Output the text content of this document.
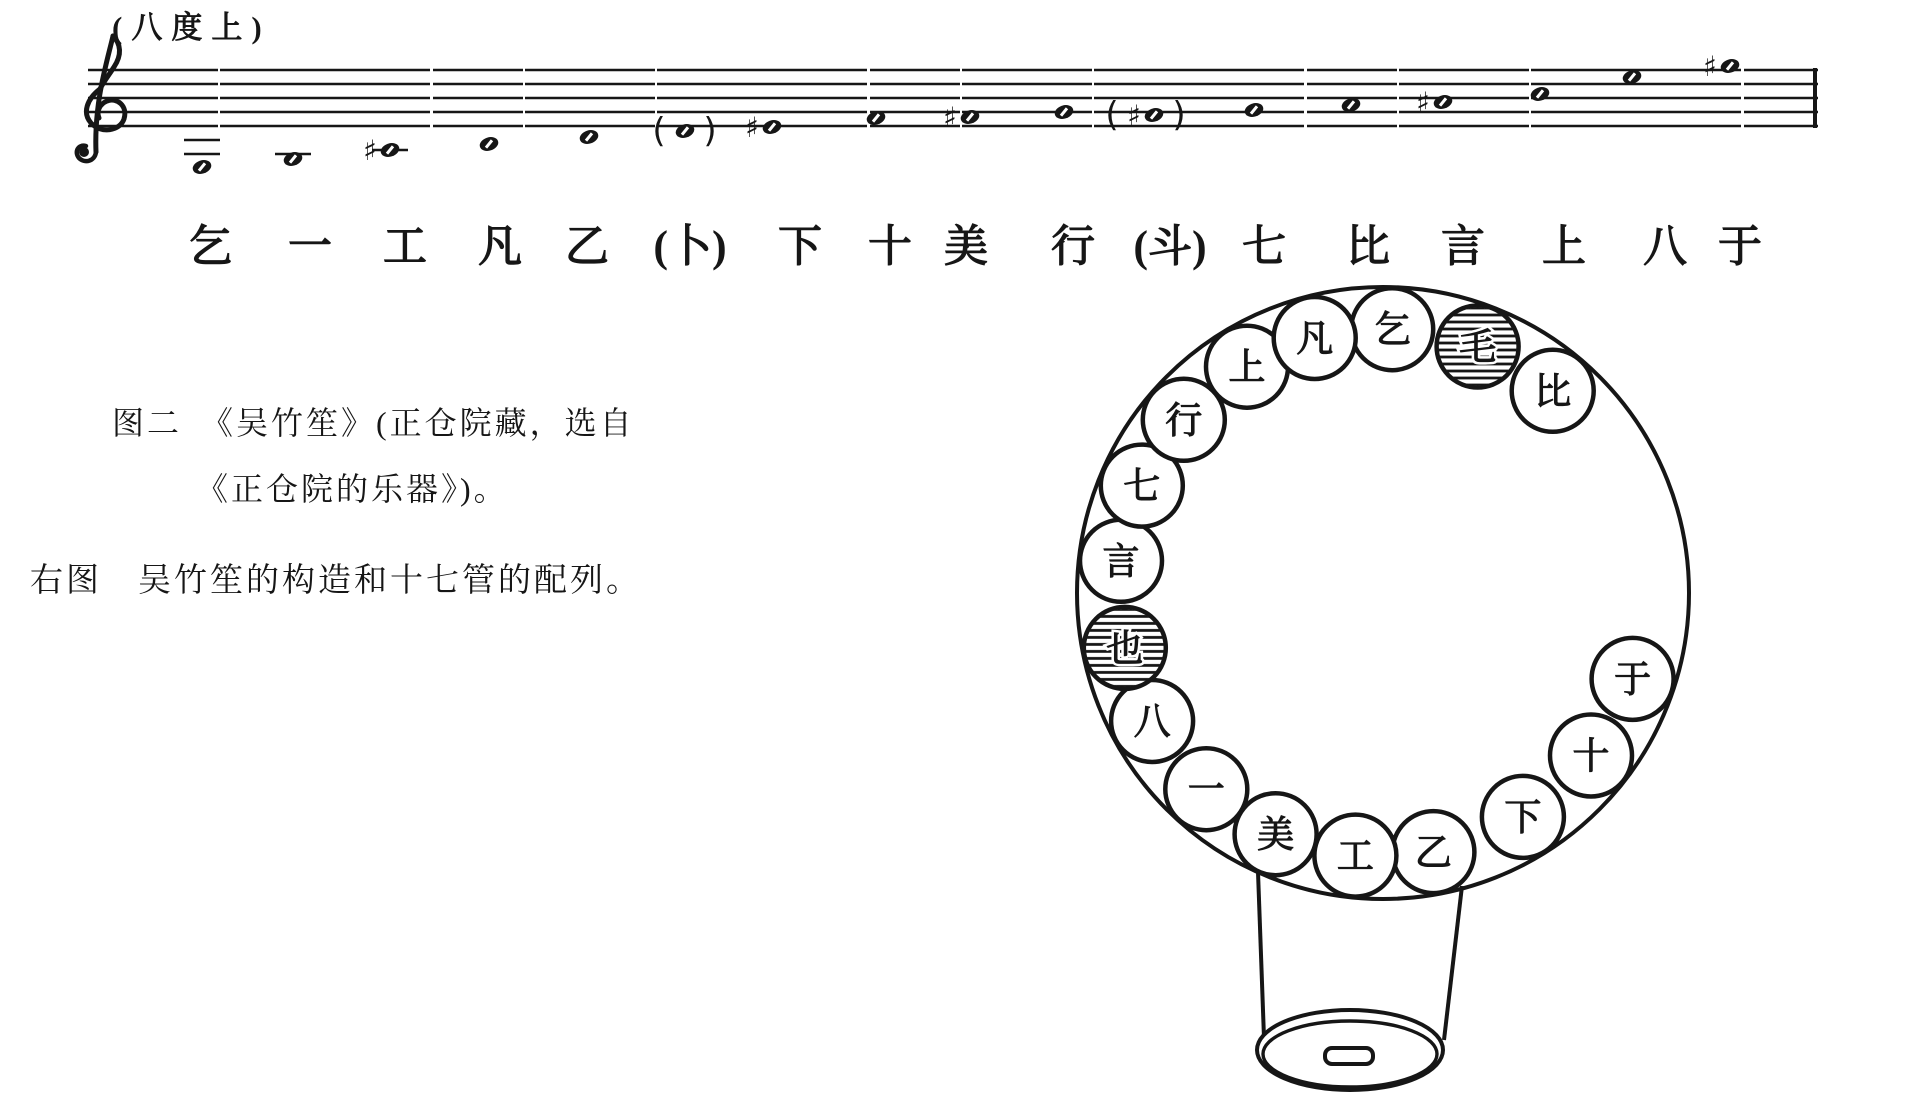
(八度上)
♯	( ) ♯	♯	( )
♯	♯
♯
乞 一 工 凡 乙 (卜) 下 十 美 行 (斗) 七 比 言 上 八 于
图二　《吴竹笙》(正仓院藏，选自
《正仓院的乐器》)。
右图　吴竹笙的构造和十七管的配列。
乞 毛
比
于
十
下
乙
工
美
一
八
也
言
七
行
上
凡
